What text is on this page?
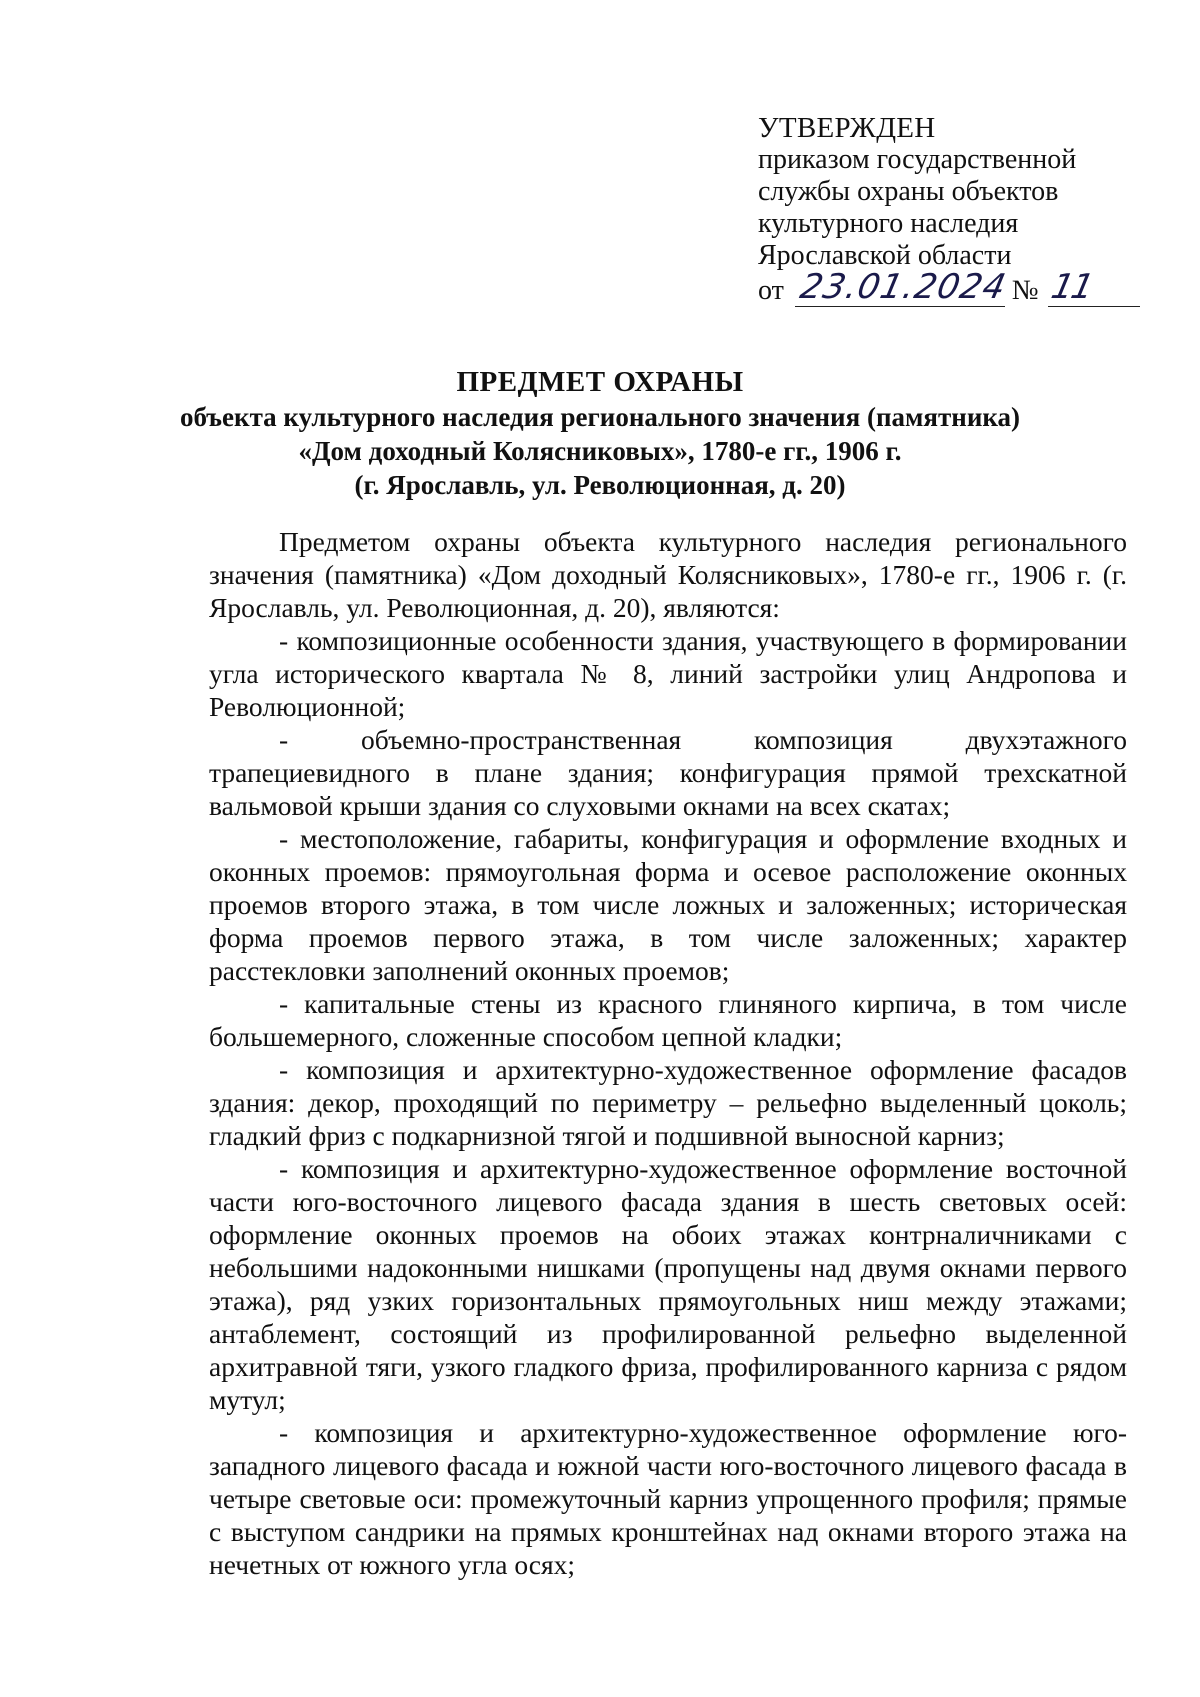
УТВЕРЖДЕН
приказом государственной
службы охраны объектов
культурного наследия
Ярославской области
от 23.01.2024 № 11
ПРЕДМЕТ ОХРАНЫ
объекта культурного наследия регионального значения (памятника)
«Дом доходный Колясниковых», 1780-е гг., 1906 г.
(г. Ярославль, ул. Революционная, д. 20)

Предметом охраны объекта культурного наследия регионального значения (памятника) «Дом доходный Колясниковых», 1780-е гг., 1906 г. (г. Ярославль, ул. Революционная, д. 20), являются:

- композиционные особенности здания, участвующего в формировании угла исторического квартала № 8, линий застройки улиц Андропова и Революционной;

- объемно-пространственная композиция двухэтажного трапециевидного в плане здания; конфигурация прямой трехскатной вальмовой крыши здания со слуховыми окнами на всех скатах;

- местоположение, габариты, конфигурация и оформление входных и оконных проемов: прямоугольная форма и осевое расположение оконных проемов второго этажа, в том числе ложных и заложенных; историческая форма проемов первого этажа, в том числе заложенных; характер расстекловки заполнений оконных проемов;

- капитальные стены из красного глиняного кирпича, в том числе большемерного, сложенные способом цепной кладки;

- композиция и архитектурно-художественное оформление фасадов здания: декор, проходящий по периметру – рельефно выделенный цоколь; гладкий фриз с подкарнизной тягой и подшивной выносной карниз;

- композиция и архитектурно-художественное оформление восточной части юго-восточного лицевого фасада здания в шесть световых осей: оформление оконных проемов на обоих этажах контрналичниками с небольшими надоконными нишками (пропущены над двумя окнами первого этажа), ряд узких горизонтальных прямоугольных ниш между этажами; антаблемент, состоящий из профилированной рельефно выделенной архитравной тяги, узкого гладкого фриза, профилированного карниза с рядом мутул;

- композиция и архитектурно-художественное оформление юго-западного лицевого фасада и южной части юго-восточного лицевого фасада в четыре световые оси: промежуточный карниз упрощенного профиля; прямые с выступом сандрики на прямых кронштейнах над окнами второго этажа на нечетных от южного угла осях;
